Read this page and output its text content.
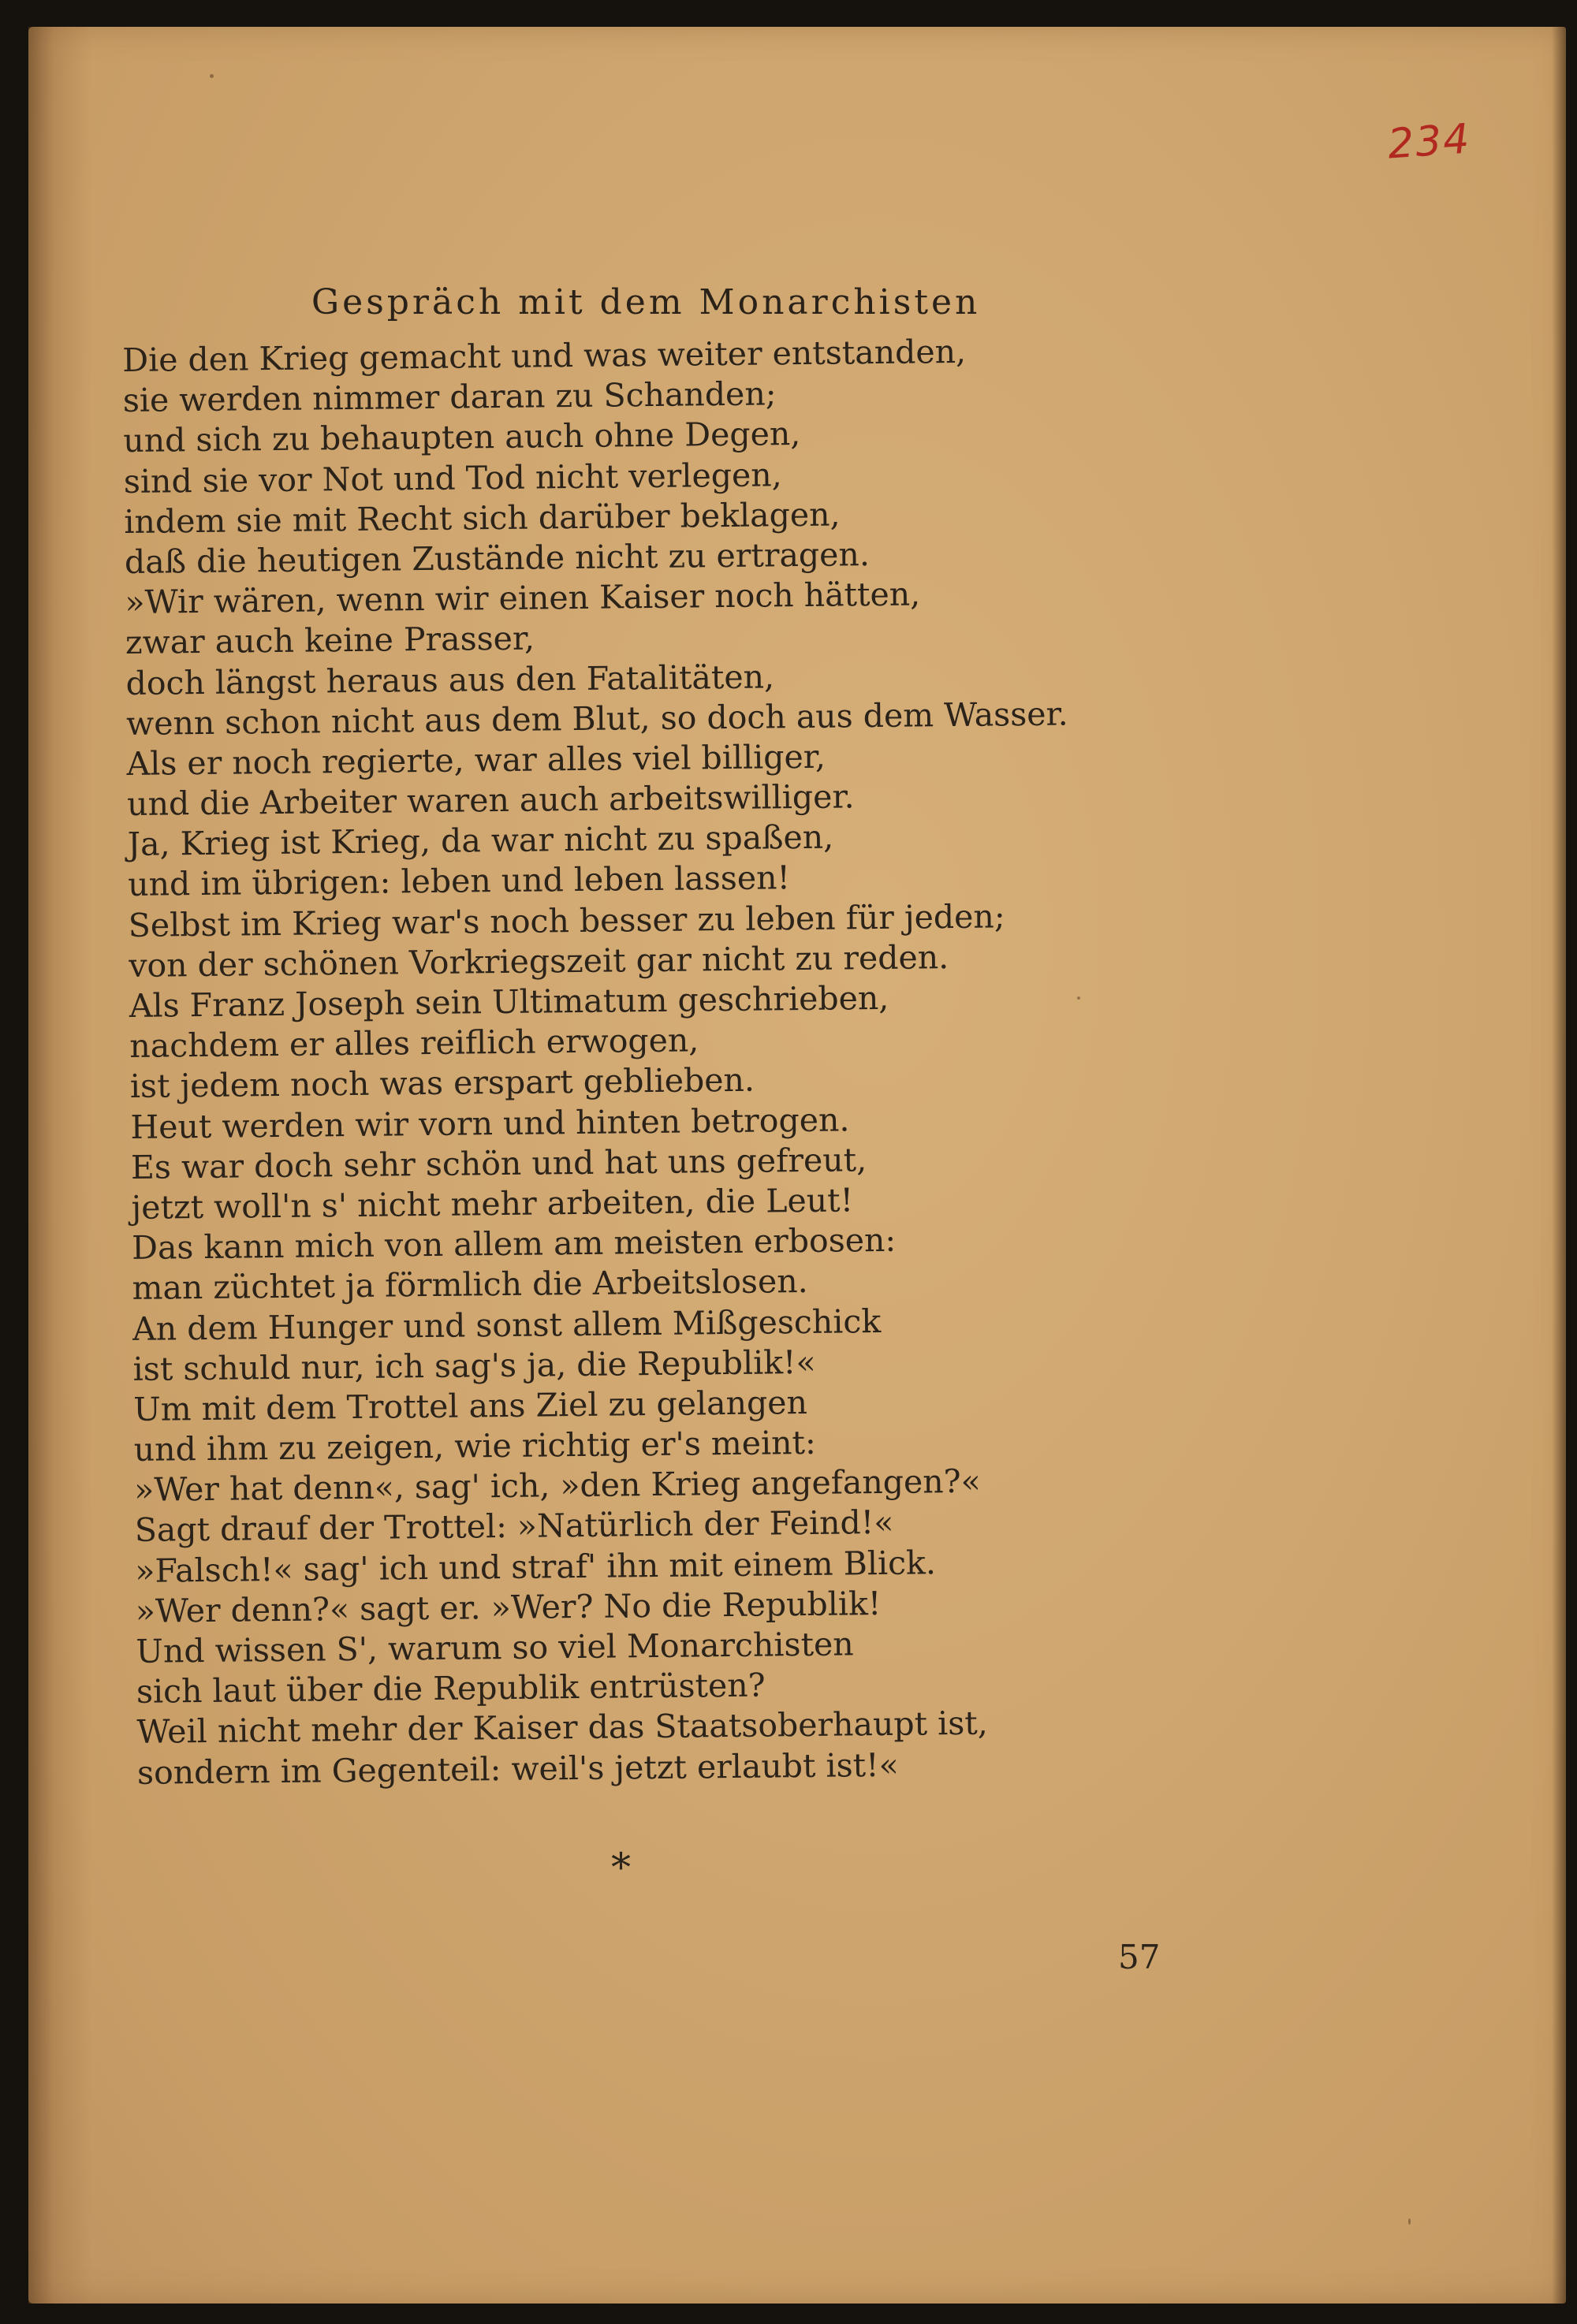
234
Gespräch mit dem Monarchisten
Die den Krieg gemacht und was weiter entstanden,
sie werden nimmer daran zu Schanden;
und sich zu behaupten auch ohne Degen,
sind sie vor Not und Tod nicht verlegen,
indem sie mit Recht sich darüber beklagen,
daß die heutigen Zustände nicht zu ertragen.
»Wir wären, wenn wir einen Kaiser noch hätten,
zwar auch keine Prasser,
doch längst heraus aus den Fatalitäten,
wenn schon nicht aus dem Blut, so doch aus dem Wasser.
Als er noch regierte, war alles viel billiger,
und die Arbeiter waren auch arbeitswilliger.
Ja, Krieg ist Krieg, da war nicht zu spaßen,
und im übrigen: leben und leben lassen!
Selbst im Krieg war's noch besser zu leben für jeden;
von der schönen Vorkriegszeit gar nicht zu reden.
Als Franz Joseph sein Ultimatum geschrieben,
nachdem er alles reiflich erwogen,
ist jedem noch was erspart geblieben.
Heut werden wir vorn und hinten betrogen.
Es war doch sehr schön und hat uns gefreut,
jetzt woll'n s' nicht mehr arbeiten, die Leut!
Das kann mich von allem am meisten erbosen:
man züchtet ja förmlich die Arbeitslosen.
An dem Hunger und sonst allem Mißgeschick
ist schuld nur, ich sag's ja, die Republik!«
Um mit dem Trottel ans Ziel zu gelangen
und ihm zu zeigen, wie richtig er's meint:
»Wer hat denn«, sag' ich, »den Krieg angefangen?«
Sagt drauf der Trottel: »Natürlich der Feind!«
»Falsch!« sag' ich und straf' ihn mit einem Blick.
»Wer denn?« sagt er. »Wer? No die Republik!
Und wissen S', warum so viel Monarchisten
sich laut über die Republik entrüsten?
Weil nicht mehr der Kaiser das Staatsoberhaupt ist,
sondern im Gegenteil: weil's jetzt erlaubt ist!«
*
57
